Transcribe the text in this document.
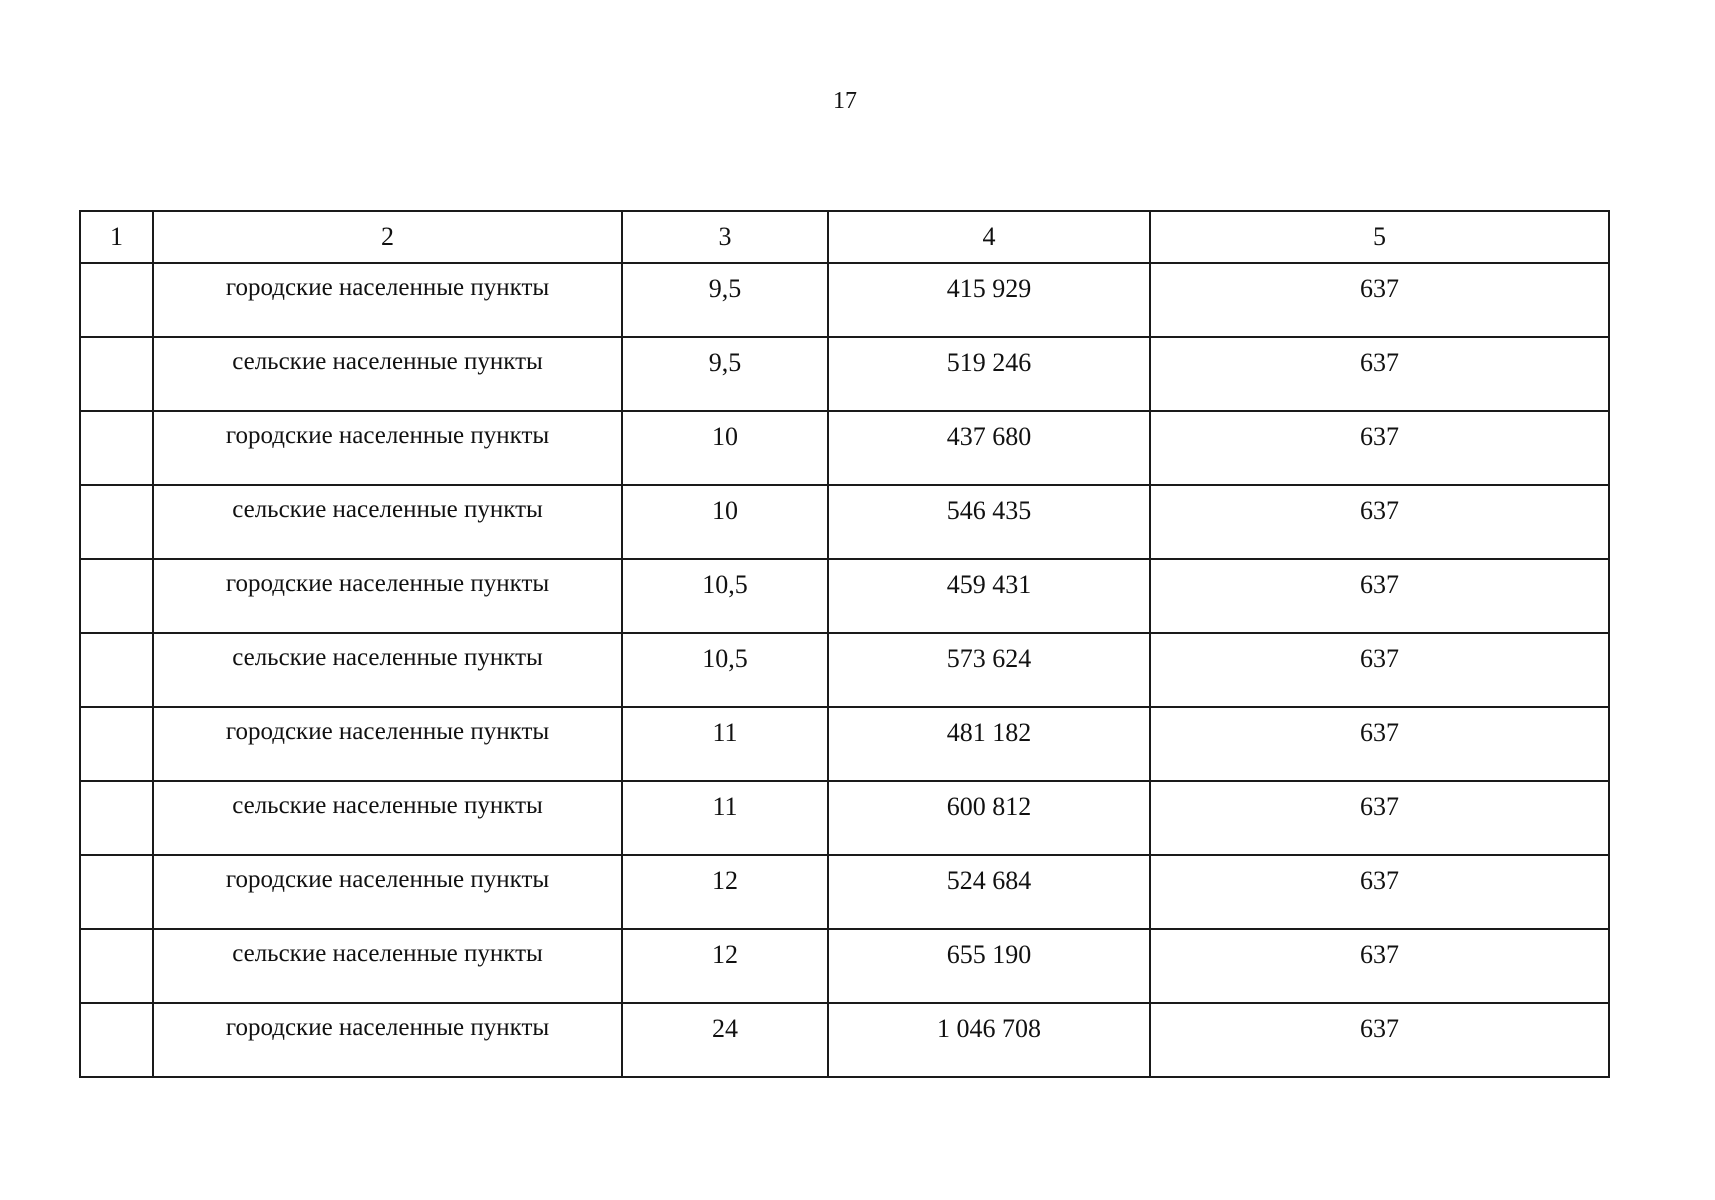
17
1	2	3	4	5
	городские населенные пункты	9,5	415 929	637
	сельские населенные пункты	9,5	519 246	637
	городские населенные пункты	10	437 680	637
	сельские населенные пункты	10	546 435	637
	городские населенные пункты	10,5	459 431	637
	сельские населенные пункты	10,5	573 624	637
	городские населенные пункты	11	481 182	637
	сельские населенные пункты	11	600 812	637
	городские населенные пункты	12	524 684	637
	сельские населенные пункты	12	655 190	637
	городские населенные пункты	24	1 046 708	637
